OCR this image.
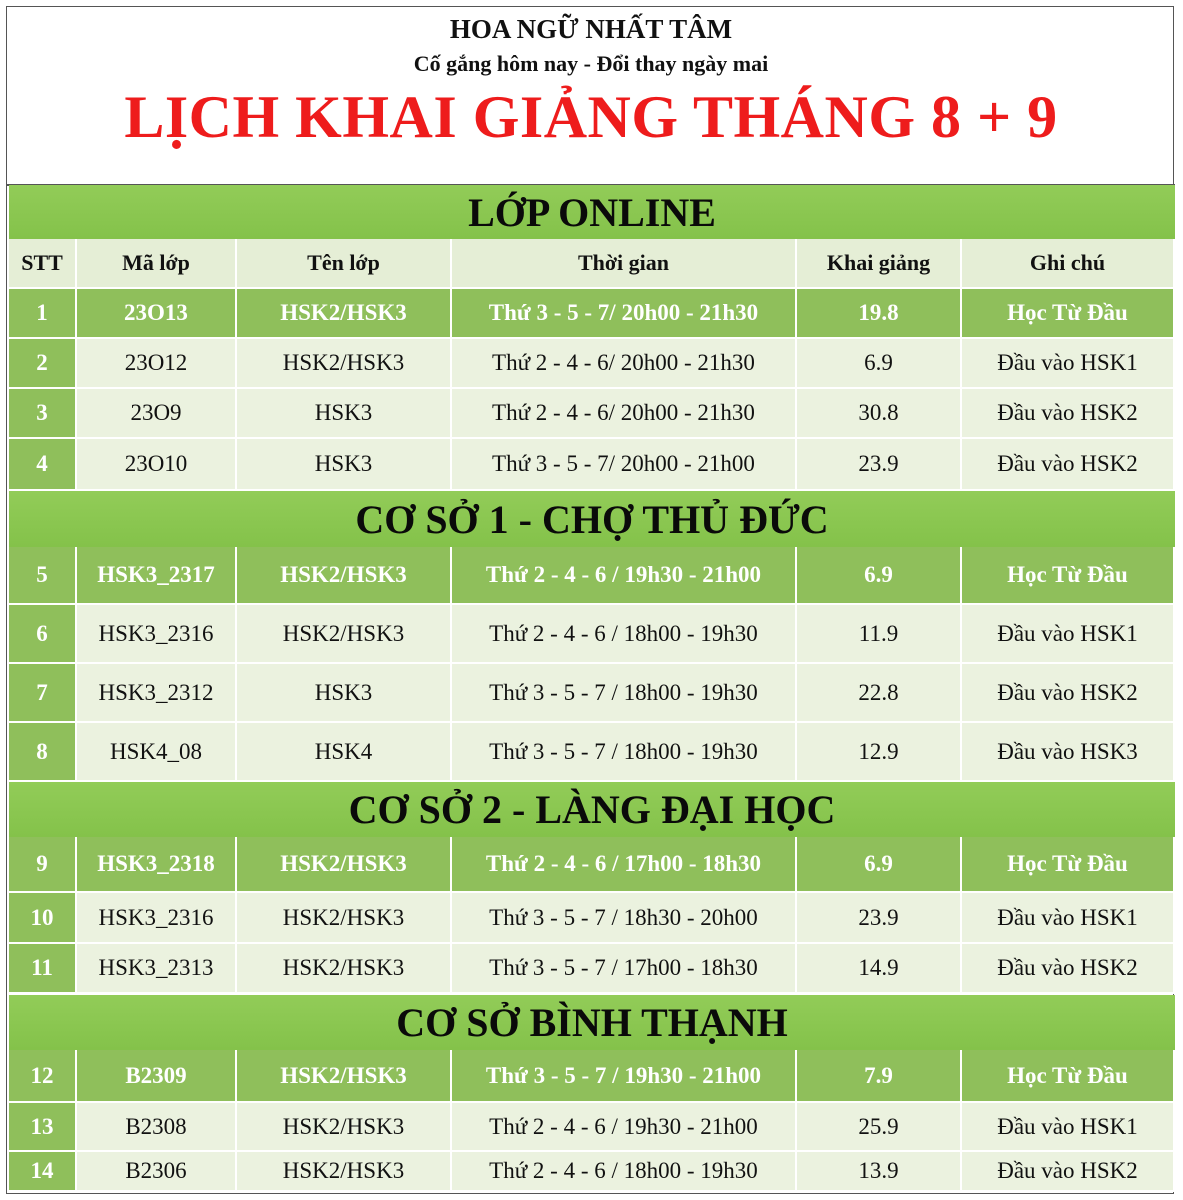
HOA NGỮ NHẤT TÂM
Cố gắng hôm nay - Đổi thay ngày mai
LỊCH KHAI GIẢNG THÁNG 8 + 9
LỚP ONLINE
STT	Mã lớp	Tên lớp	Thời gian	Khai giảng	Ghi chú
1	23O13	HSK2/HSK3	Thứ 3 - 5 - 7/ 20h00 - 21h30	19.8	Học Từ Đầu
2	23O12	HSK2/HSK3	Thứ 2 - 4 - 6/ 20h00 - 21h30	6.9	Đầu vào HSK1
3	23O9	HSK3	Thứ 2 - 4 - 6/ 20h00 - 21h30	30.8	Đầu vào HSK2
4	23O10	HSK3	Thứ 3 - 5 - 7/ 20h00 - 21h00	23.9	Đầu vào HSK2
CƠ SỞ 1 - CHỢ THỦ ĐỨC
5	HSK3_2317	HSK2/HSK3	Thứ 2 - 4 - 6 / 19h30 - 21h00	6.9	Học Từ Đầu
6	HSK3_2316	HSK2/HSK3	Thứ 2 - 4 - 6 / 18h00 - 19h30	11.9	Đầu vào HSK1
7	HSK3_2312	HSK3	Thứ 3 - 5 - 7 / 18h00 - 19h30	22.8	Đầu vào HSK2
8	HSK4_08	HSK4	Thứ 3 - 5 - 7 / 18h00 - 19h30	12.9	Đầu vào HSK3
CƠ SỞ 2 - LÀNG ĐẠI HỌC
9	HSK3_2318	HSK2/HSK3	Thứ 2 - 4 - 6 / 17h00 - 18h30	6.9	Học Từ Đầu
10	HSK3_2316	HSK2/HSK3	Thứ 3 - 5 - 7 / 18h30 - 20h00	23.9	Đầu vào HSK1
11	HSK3_2313	HSK2/HSK3	Thứ 3 - 5 - 7 / 17h00 - 18h30	14.9	Đầu vào HSK2
CƠ SỞ BÌNH THẠNH
12	B2309	HSK2/HSK3	Thứ 3 - 5 - 7 / 19h30 - 21h00	7.9	Học Từ Đầu
13	B2308	HSK2/HSK3	Thứ 2 - 4 - 6 / 19h30 - 21h00	25.9	Đầu vào HSK1
14	B2306	HSK2/HSK3	Thứ 2 - 4 - 6 / 18h00 - 19h30	13.9	Đầu vào HSK2
